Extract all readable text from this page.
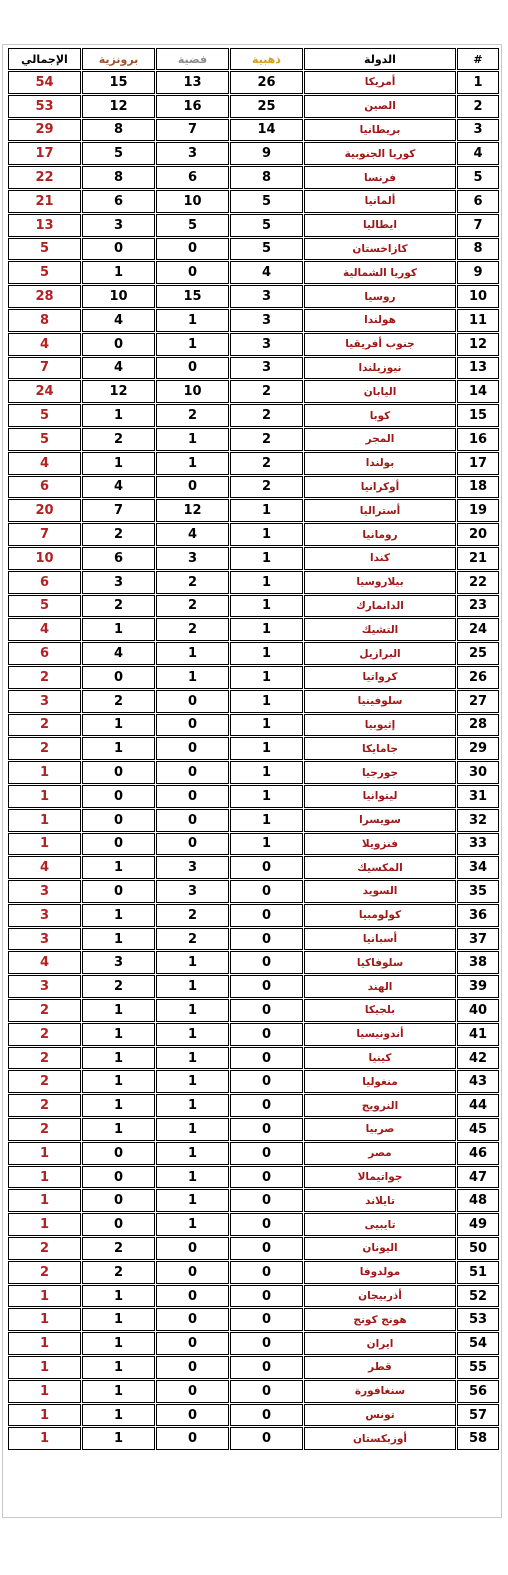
#	الدولة	ذهبية	فضية	برونزية	الإجمالي
1	أمريكا	26	13	15	54
2	الصين	25	16	12	53
3	بريطانيا	14	7	8	29
4	كوريا الجنوبية	9	3	5	17
5	فرنسا	8	6	8	22
6	ألمانيا	5	10	6	21
7	ايطاليا	5	5	3	13
8	كازاخستان	5	0	0	5
9	كوريا الشمالية	4	0	1	5
10	روسيا	3	15	10	28
11	هولندا	3	1	4	8
12	جنوب أفريقيا	3	1	0	4
13	نيوزيلندا	3	0	4	7
14	اليابان	2	10	12	24
15	كوبا	2	2	1	5
16	المجر	2	1	2	5
17	بولندا	2	1	1	4
18	أوكرانيا	2	0	4	6
19	أستراليا	1	12	7	20
20	رومانيا	1	4	2	7
21	كندا	1	3	6	10
22	بيلاروسيا	1	2	3	6
23	الدانمارك	1	2	2	5
24	التشيك	1	2	1	4
25	البرازيل	1	1	4	6
26	كرواتيا	1	1	0	2
27	سلوفينيا	1	0	2	3
28	إثيوبيا	1	0	1	2
29	جامايكا	1	0	1	2
30	جورجيا	1	0	0	1
31	ليتوانيا	1	0	0	1
32	سويسرا	1	0	0	1
33	فنزويلا	1	0	0	1
34	المكسيك	0	3	1	4
35	السويد	0	3	0	3
36	كولومبيا	0	2	1	3
37	أسبانيا	0	2	1	3
38	سلوفاكيا	0	1	3	4
39	الهند	0	1	2	3
40	بلجيكا	0	1	1	2
41	أندونيسيا	0	1	1	2
42	كينيا	0	1	1	2
43	منغوليا	0	1	1	2
44	النرويج	0	1	1	2
45	صربيا	0	1	1	2
46	مصر	0	1	0	1
47	جواتيمالا	0	1	0	1
48	تايلاند	0	1	0	1
49	تايبيى	0	1	0	1
50	اليونان	0	0	2	2
51	مولدوفا	0	0	2	2
52	أذربيجان	0	0	1	1
53	هونج كونج	0	0	1	1
54	ايران	0	0	1	1
55	قطر	0	0	1	1
56	سنغافورة	0	0	1	1
57	تونس	0	0	1	1
58	أوزبكستان	0	0	1	1
